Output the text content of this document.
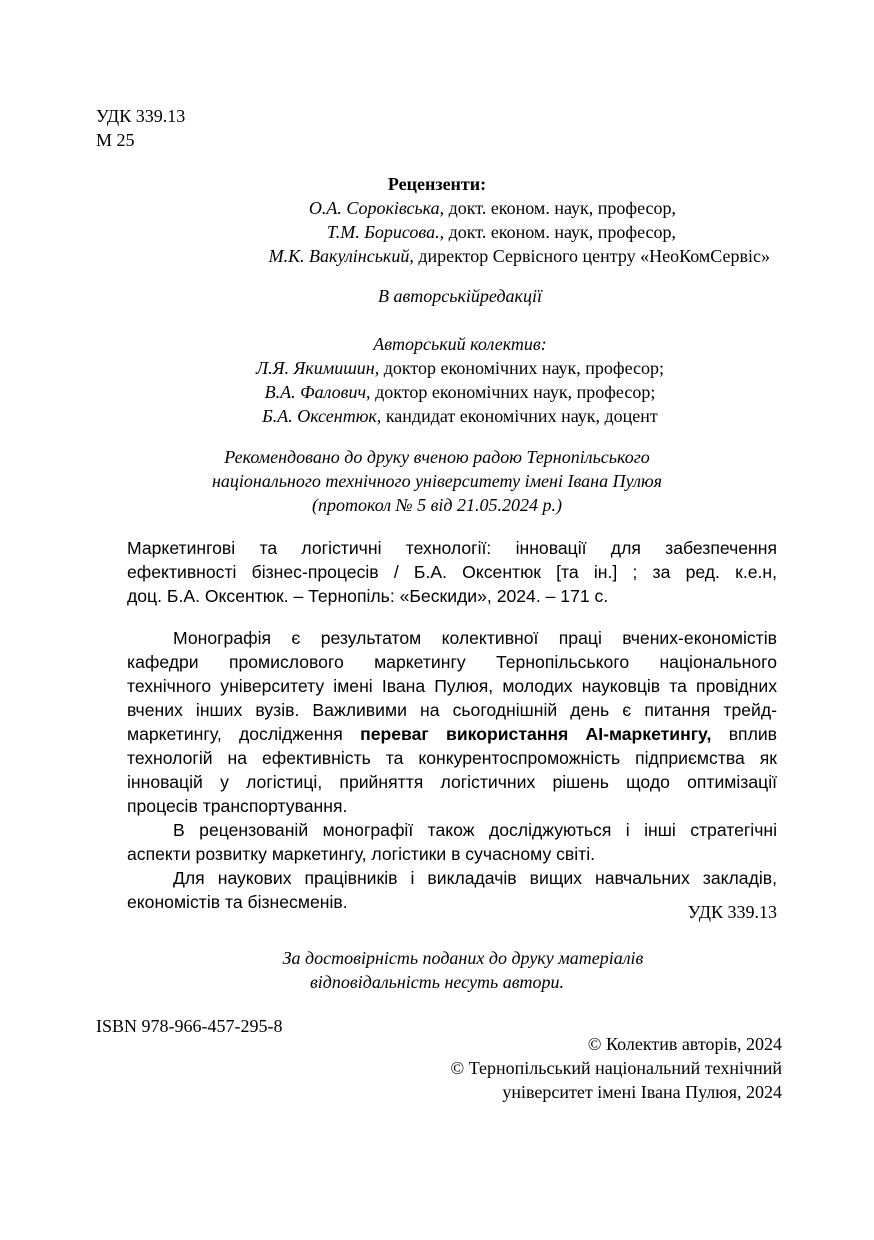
УДК 339.13
М 25
Рецензенти:
О.А. Сороківська, докт. економ. наук, професор,
Т.М. Борисова., докт. економ. наук, професор,
М.К. Вакулінський, директор Сервісного центру «НеоКомСервіс»
В авторськійредакції
Авторський колектив:
Л.Я. Якимишин, доктор економічних наук, професор;
В.А. Фалович, доктор економічних наук, професор;
Б.А. Оксентюк, кандидат економічних наук, доцент
Рекомендовано до друку вченою радою Тернопільського
національного технічного університету імені Івана Пулюя
(протокол № 5 від 21.05.2024 р.)
Маркетингові та логістичні технології: інновації для забезпечення
ефективності бізнес-процесів / Б.А. Оксентюк [та ін.] ; за ред. к.е.н,
доц. Б.А. Оксентюк. – Тернопіль: «Бескиди», 2024. – 171 с.
Монографія є результатом колективної праці вчених-економістів
кафедри промислового маркетингу Тернопільського національного
технічного університету імені Івана Пулюя, молодих науковців та провідних
вчених інших вузів. Важливими на сьогоднішній день є питання трейд-
маркетингу, дослідження переваг використання AI-маркетингу, вплив
технологій на ефективність та конкурентоспроможність підприємства як
інновацій у логістиці, прийняття логістичних рішень щодо оптимізації
процесів транспортування.
В рецензованій монографії також досліджуються і інші стратегічні
аспекти розвитку маркетингу, логістики в сучасному світі.
Для наукових працівників і викладачів вищих навчальних закладів,
економістів та бізнесменів.	УДК 339.13
За достовірність поданих до друку матеріалів
відповідальність несуть автори.
ISBN 978-966-457-295-8
© Колектив авторів, 2024
© Тернопільський національний технічний
університет імені Івана Пулюя, 2024
